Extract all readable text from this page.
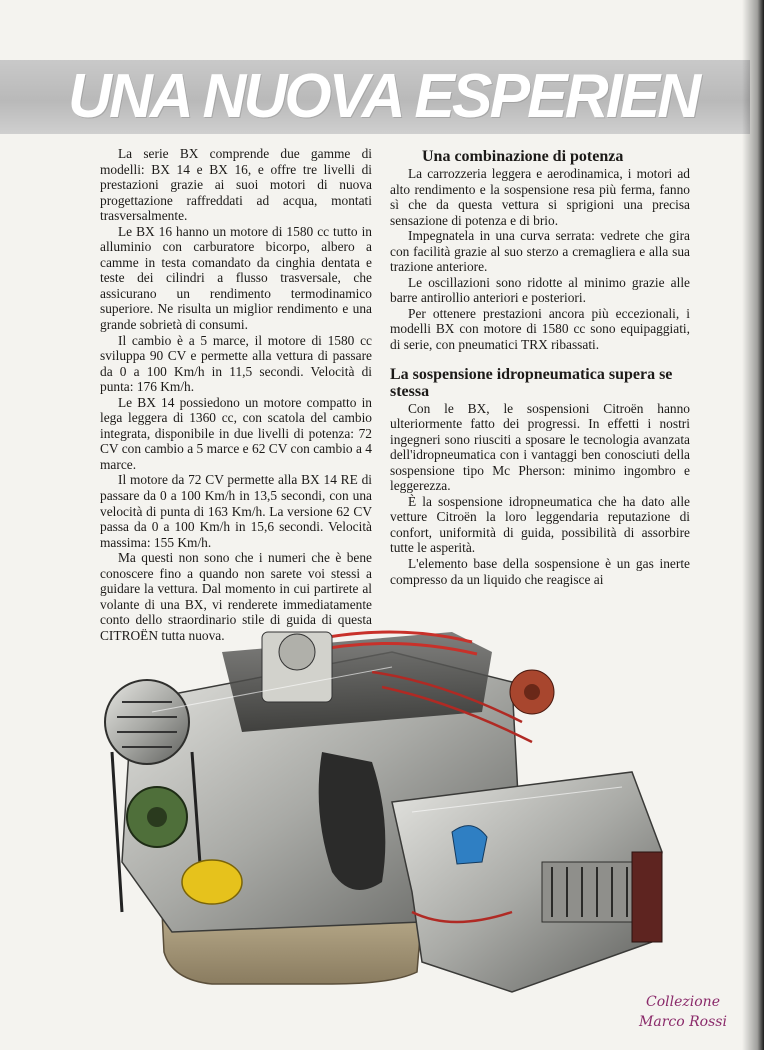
UNA NUOVA ESPERIEN

La serie BX comprende due gamme di modelli: BX 14 e BX 16, e offre tre livelli di prestazioni grazie ai suoi motori di nuova progettazione raffreddati ad acqua, montati trasversalmente.

Le BX 16 hanno un motore di 1580 cc tutto in alluminio con carburatore bicorpo, albero a camme in testa comandato da cinghia dentata e teste dei cilindri a flusso trasversale, che assicurano un rendimento termodinamico superiore. Ne risulta un miglior rendimento e una grande sobrietà di consumi.

Il cambio è a 5 marce, il motore di 1580 cc sviluppa 90 CV e permette alla vettura di passare da 0 a 100 Km/h in 11,5 secondi. Velocità di punta: 176 Km/h.

Le BX 14 possiedono un motore compatto in lega leggera di 1360 cc, con scatola del cambio integrata, disponibile in due livelli di potenza: 72 CV con cambio a 5 marce e 62 CV con cambio a 4 marce.

Il motore da 72 CV permette alla BX 14 RE di passare da 0 a 100 Km/h in 13,5 secondi, con una velocità di punta di 163 Km/h. La versione 62 CV passa da 0 a 100 Km/h in 15,6 secondi. Velocità massima: 155 Km/h.

Ma questi non sono che i numeri che è bene conoscere fino a quando non sarete voi stessi a guidare la vettura. Dal momento in cui partirete al volante di una BX, vi renderete immediatamente conto dello straordinario stile di guida di questa CITROËN tutta nuova.

Una combinazione di potenza

La carrozzeria leggera e aerodinamica, i motori ad alto rendimento e la sospensione resa più ferma, fanno sì che da questa vettura si sprigioni una precisa sensazione di potenza e di brio.

Impegnatela in una curva serrata: vedrete che gira con facilità grazie al suo sterzo a cremagliera e alla sua trazione anteriore.

Le oscillazioni sono ridotte al minimo grazie alle barre antirollio anteriori e posteriori.

Per ottenere prestazioni ancora più eccezionali, i modelli BX con motore di 1580 cc sono equipaggiati, di serie, con pneumatici TRX ribassati.

La sospensione idropneumatica supera se stessa

Con le BX, le sospensioni Citroën hanno ulteriormente fatto dei progressi. In effetti i nostri ingegneri sono riusciti a sposare le tecnologia avanzata dell'idropneumatica con i vantaggi ben conosciuti della sospensione tipo Mc Pherson: minimo ingombro e leggerezza.

È la sospensione idropneumatica che ha dato alle vetture Citroën la loro leggendaria reputazione di confort, uniformità di guida, possibilità di assorbire tutte le asperità.

L'elemento base della sospensione è un gas inerte compresso da un liquido che reagisce ai

Collezione
Marco Rossi
